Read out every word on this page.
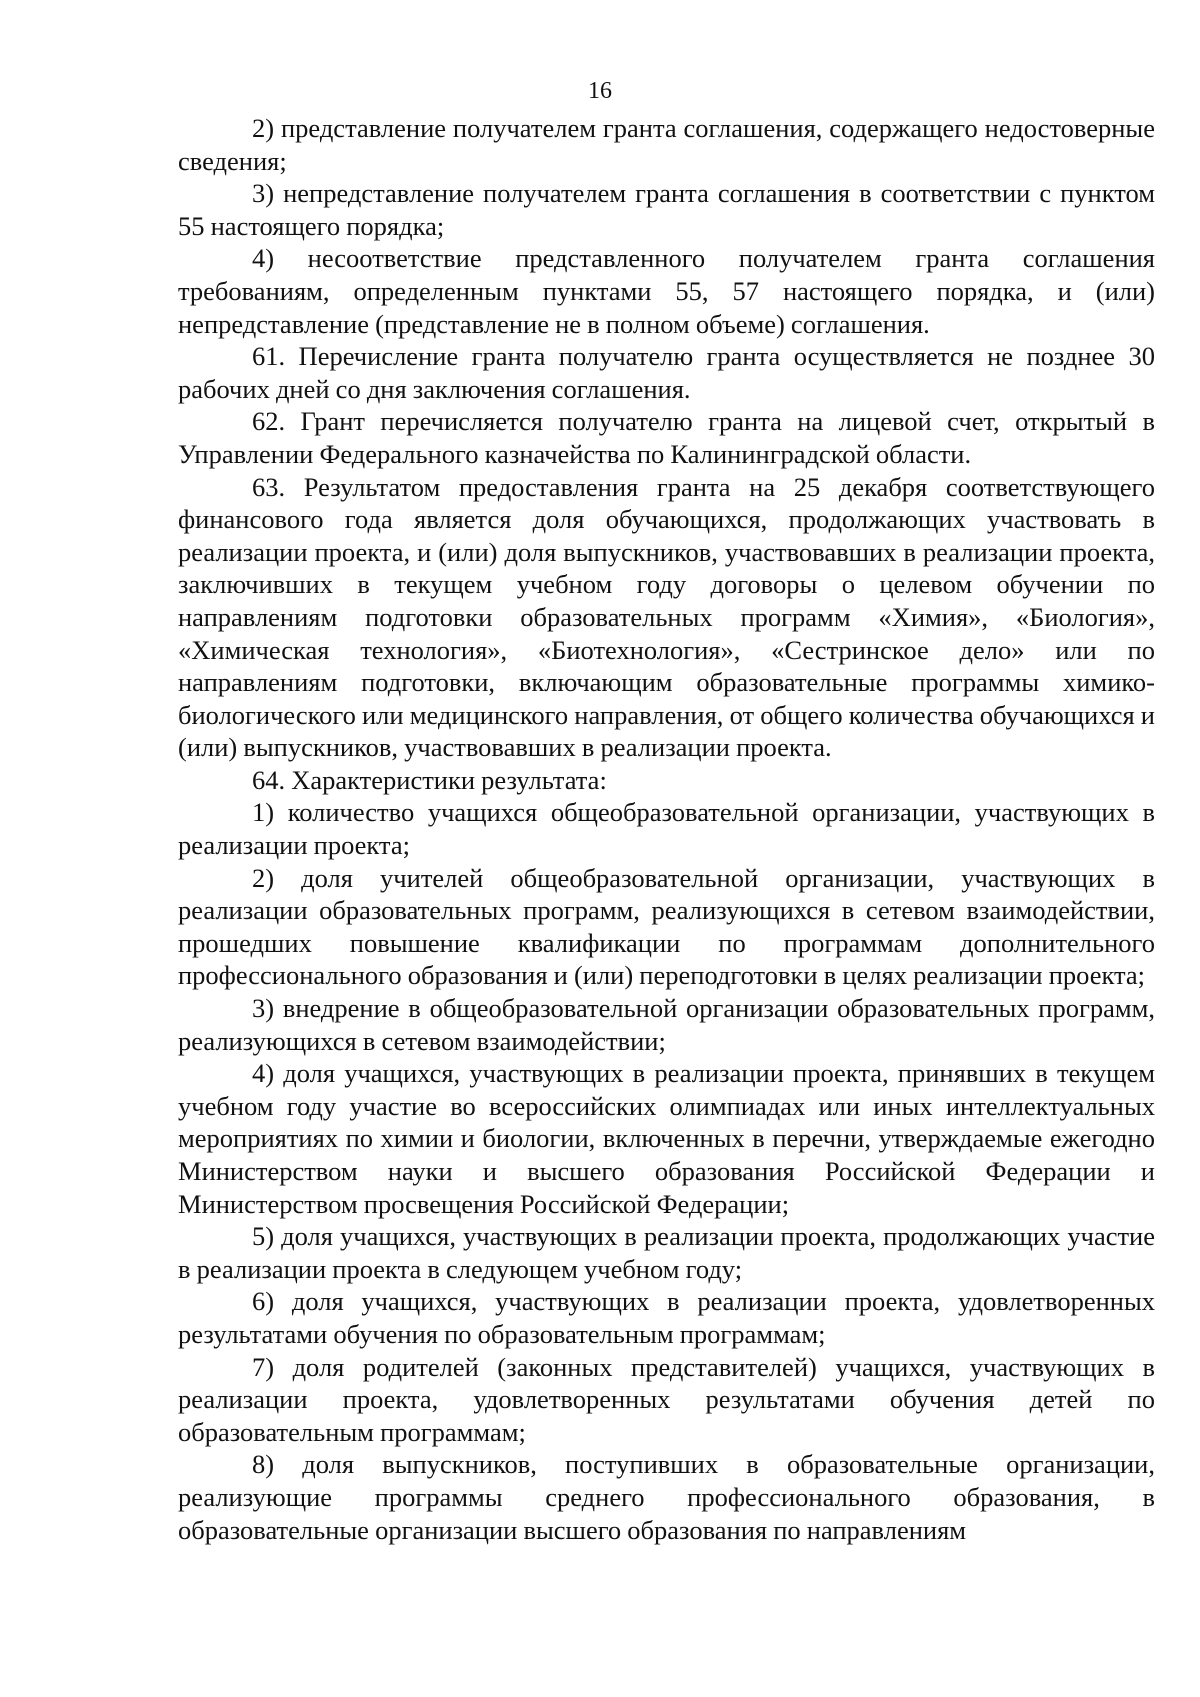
16

2) представление получателем гранта соглашения, содержащего недостоверные сведения;

3) непредставление получателем гранта соглашения в соответствии с пунктом 55 настоящего порядка;

4) несоответствие представленного получателем гранта соглашения требованиям, определенным пунктами 55, 57 настоящего порядка, и (или) непредставление (представление не в полном объеме) соглашения.

61. Перечисление гранта получателю гранта осуществляется не позднее 30 рабочих дней со дня заключения соглашения.

62. Грант перечисляется получателю гранта на лицевой счет, открытый в Управлении Федерального казначейства по Калининградской области.

63. Результатом предоставления гранта на 25 декабря соответствующего финансового года является доля обучающихся, продолжающих участвовать в реализации проекта, и (или) доля выпускников, участвовавших в реализации проекта, заключивших в текущем учебном году договоры о целевом обучении по направлениям подготовки образовательных программ «Химия», «Биология», «Химическая технология», «Биотехнология», «Сестринское дело» или по направлениям подготовки, включающим образовательные программы химико-биологического или медицинского направления, от общего количества обучающихся и (или) выпускников, участвовавших в реализации проекта.

64. Характеристики результата:

1) количество учащихся общеобразовательной организации, участвующих в реализации проекта;

2) доля учителей общеобразовательной организации, участвующих в реализации образовательных программ, реализующихся в сетевом взаимодействии, прошедших повышение квалификации по программам дополнительного профессионального образования и (или) переподготовки в целях реализации проекта;

3) внедрение в общеобразовательной организации образовательных программ, реализующихся в сетевом взаимодействии;

4) доля учащихся, участвующих в реализации проекта, принявших в текущем учебном году участие во всероссийских олимпиадах или иных интеллектуальных мероприятиях по химии и биологии, включенных в перечни, утверждаемые ежегодно Министерством науки и высшего образования Российской Федерации и Министерством просвещения Российской Федерации;

5) доля учащихся, участвующих в реализации проекта, продолжающих участие в реализации проекта в следующем учебном году;

6) доля учащихся, участвующих в реализации проекта, удовлетворенных результатами обучения по образовательным программам;

7) доля родителей (законных представителей) учащихся, участвующих в реализации проекта, удовлетворенных результатами обучения детей по образовательным программам;

8) доля выпускников, поступивших в образовательные организации, реализующие программы среднего профессионального образования, в образовательные организации высшего образования по направлениям
